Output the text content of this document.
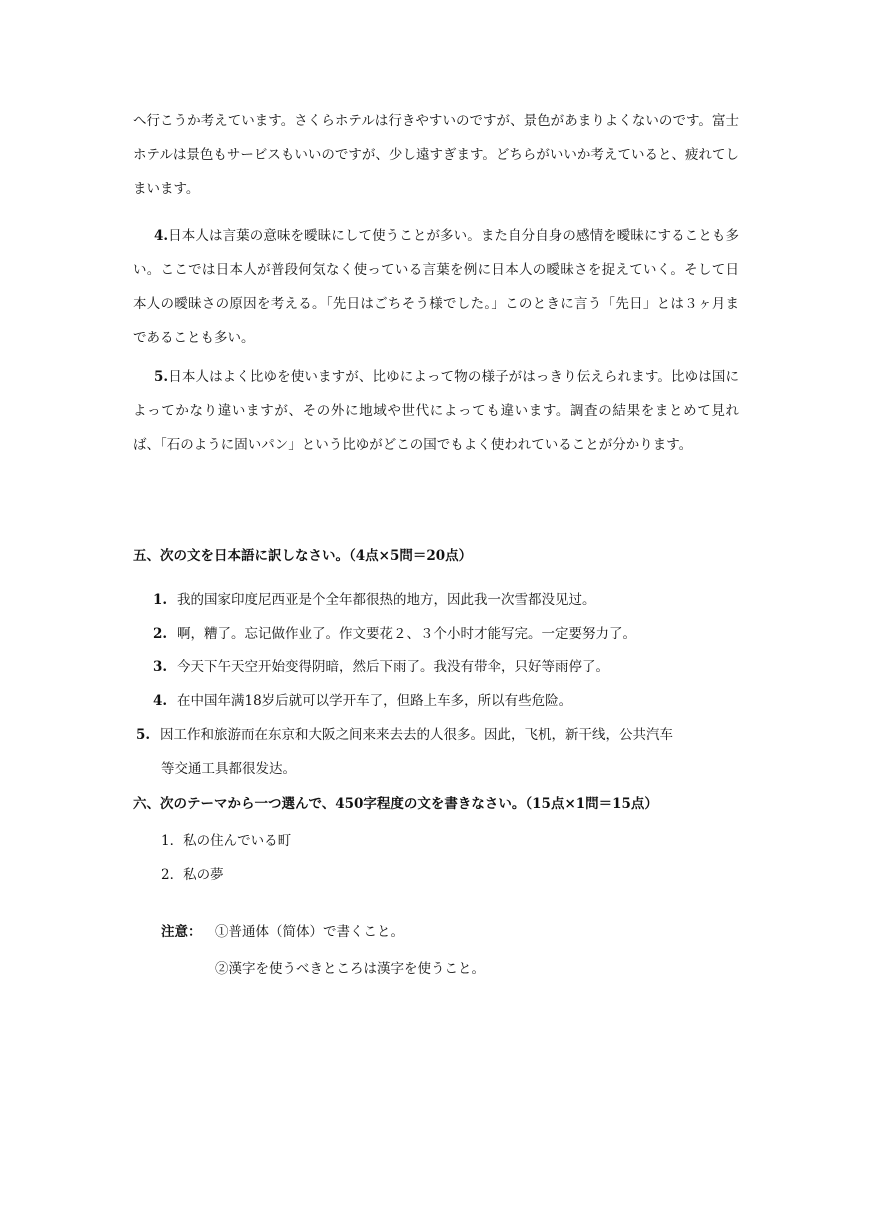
へ行こうか考えています。さくらホテルは行きやすいのですが、景色があまりよくないのです。富士ホテルは景色もサービスもいいのですが、少し遠すぎます。どちらがいいか考えていると、疲れてしまいます。

4.日本人は言葉の意味を曖昧にして使うことが多い。また自分自身の感情を曖昧にすることも多い。ここでは日本人が普段何気なく使っている言葉を例に日本人の曖昧さを捉えていく。そして日本人の曖昧さの原因を考える。「先日はごちそう様でした。」このときに言う「先日」とは３ヶ月まであることも多い。

5.日本人はよく比ゆを使いますが、比ゆによって物の様子がはっきり伝えられます。比ゆは国によってかなり違いますが、その外に地域や世代によっても違います。調査の結果をまとめて見れば、「石のように固いパン」という比ゆがどこの国でもよく使われていることが分かります。

五、次の文を日本語に訳しなさい。（4点×5問＝20点）

1. 我的国家印度尼西亚是个全年都很热的地方，因此我一次雪都没见过。

2. 啊，糟了。忘记做作业了。作文要花２、３个小时才能写完。一定要努力了。

3. 今天下午天空开始变得阴暗，然后下雨了。我没有带伞，只好等雨停了。

4. 在中国年满18岁后就可以学开车了，但路上车多，所以有些危险。

5. 因工作和旅游而在东京和大阪之间来来去去的人很多。因此，飞机，新干线，公共汽车

等交通工具都很发达。

六、次のテーマから一つ選んで、450字程度の文を書きなさい。（15点×1問＝15点）

1．私の住んでいる町

2．私の夢

注意： ①普通体（简体）で書くこと。

②漢字を使うべきところは漢字を使うこと。
